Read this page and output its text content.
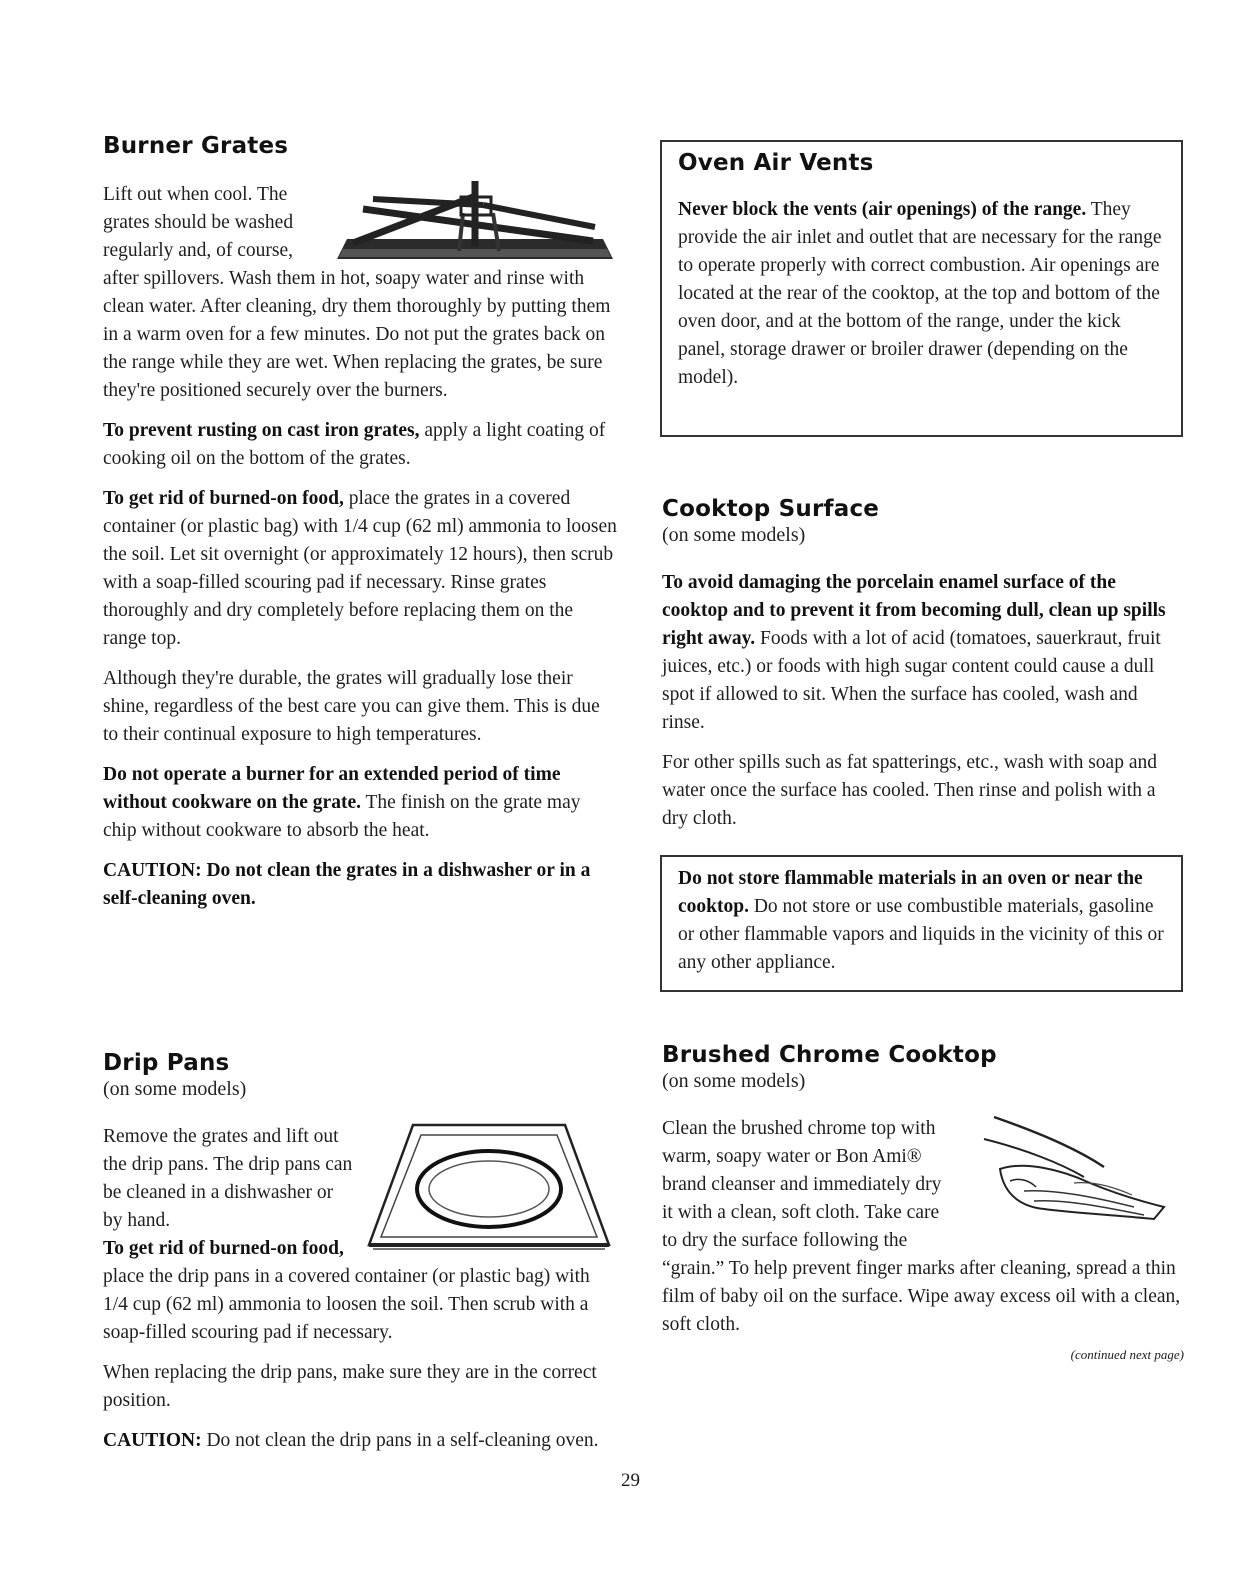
Burner Grates

Lift out when cool. The grates should be washed regularly and, of course, after spillovers. Wash them in hot, soapy water and rinse with clean water. After cleaning, dry them thoroughly by putting them in a warm oven for a few minutes. Do not put the grates back on the range while they are wet. When replacing the grates, be sure they're positioned securely over the burners.

To prevent rusting on cast iron grates, apply a light coating of cooking oil on the bottom of the grates.

To get rid of burned-on food, place the grates in a covered container (or plastic bag) with 1/4 cup (62 ml) ammonia to loosen the soil. Let sit overnight (or approximately 12 hours), then scrub with a soap-filled scouring pad if necessary. Rinse grates thoroughly and dry completely before replacing them on the range top.

Although they're durable, the grates will gradually lose their shine, regardless of the best care you can give them. This is due to their continual exposure to high temperatures.

Do not operate a burner for an extended period of time without cookware on the grate. The finish on the grate may chip without cookware to absorb the heat.

CAUTION: Do not clean the grates in a dishwasher or in a self-cleaning oven.

Drip Pans
(on some models)

Remove the grates and lift out the drip pans. The drip pans can be cleaned in a dishwasher or by hand.

To get rid of burned-on food, place the drip pans in a covered container (or plastic bag) with 1/4 cup (62 ml) ammonia to loosen the soil. Then scrub with a soap-filled scouring pad if necessary.

When replacing the drip pans, make sure they are in the correct position.

CAUTION: Do not clean the drip pans in a self-cleaning oven.

Oven Air Vents

Never block the vents (air openings) of the range. They provide the air inlet and outlet that are necessary for the range to operate properly with correct combustion. Air openings are located at the rear of the cooktop, at the top and bottom of the oven door, and at the bottom of the range, under the kick panel, storage drawer or broiler drawer (depending on the model).

Cooktop Surface
(on some models)

To avoid damaging the porcelain enamel surface of the cooktop and to prevent it from becoming dull, clean up spills right away. Foods with a lot of acid (tomatoes, sauerkraut, fruit juices, etc.) or foods with high sugar content could cause a dull spot if allowed to sit. When the surface has cooled, wash and rinse.

For other spills such as fat spatterings, etc., wash with soap and water once the surface has cooled. Then rinse and polish with a dry cloth.

Do not store flammable materials in an oven or near the cooktop. Do not store or use combustible materials, gasoline or other flammable vapors and liquids in the vicinity of this or any other appliance.

Brushed Chrome Cooktop
(on some models)

Clean the brushed chrome top with warm, soapy water or Bon Ami® brand cleanser and immediately dry it with a clean, soft cloth. Take care to dry the surface following the “grain.” To help prevent finger marks after cleaning, spread a thin film of baby oil on the surface. Wipe away excess oil with a clean, soft cloth.

(continued next page)
29
